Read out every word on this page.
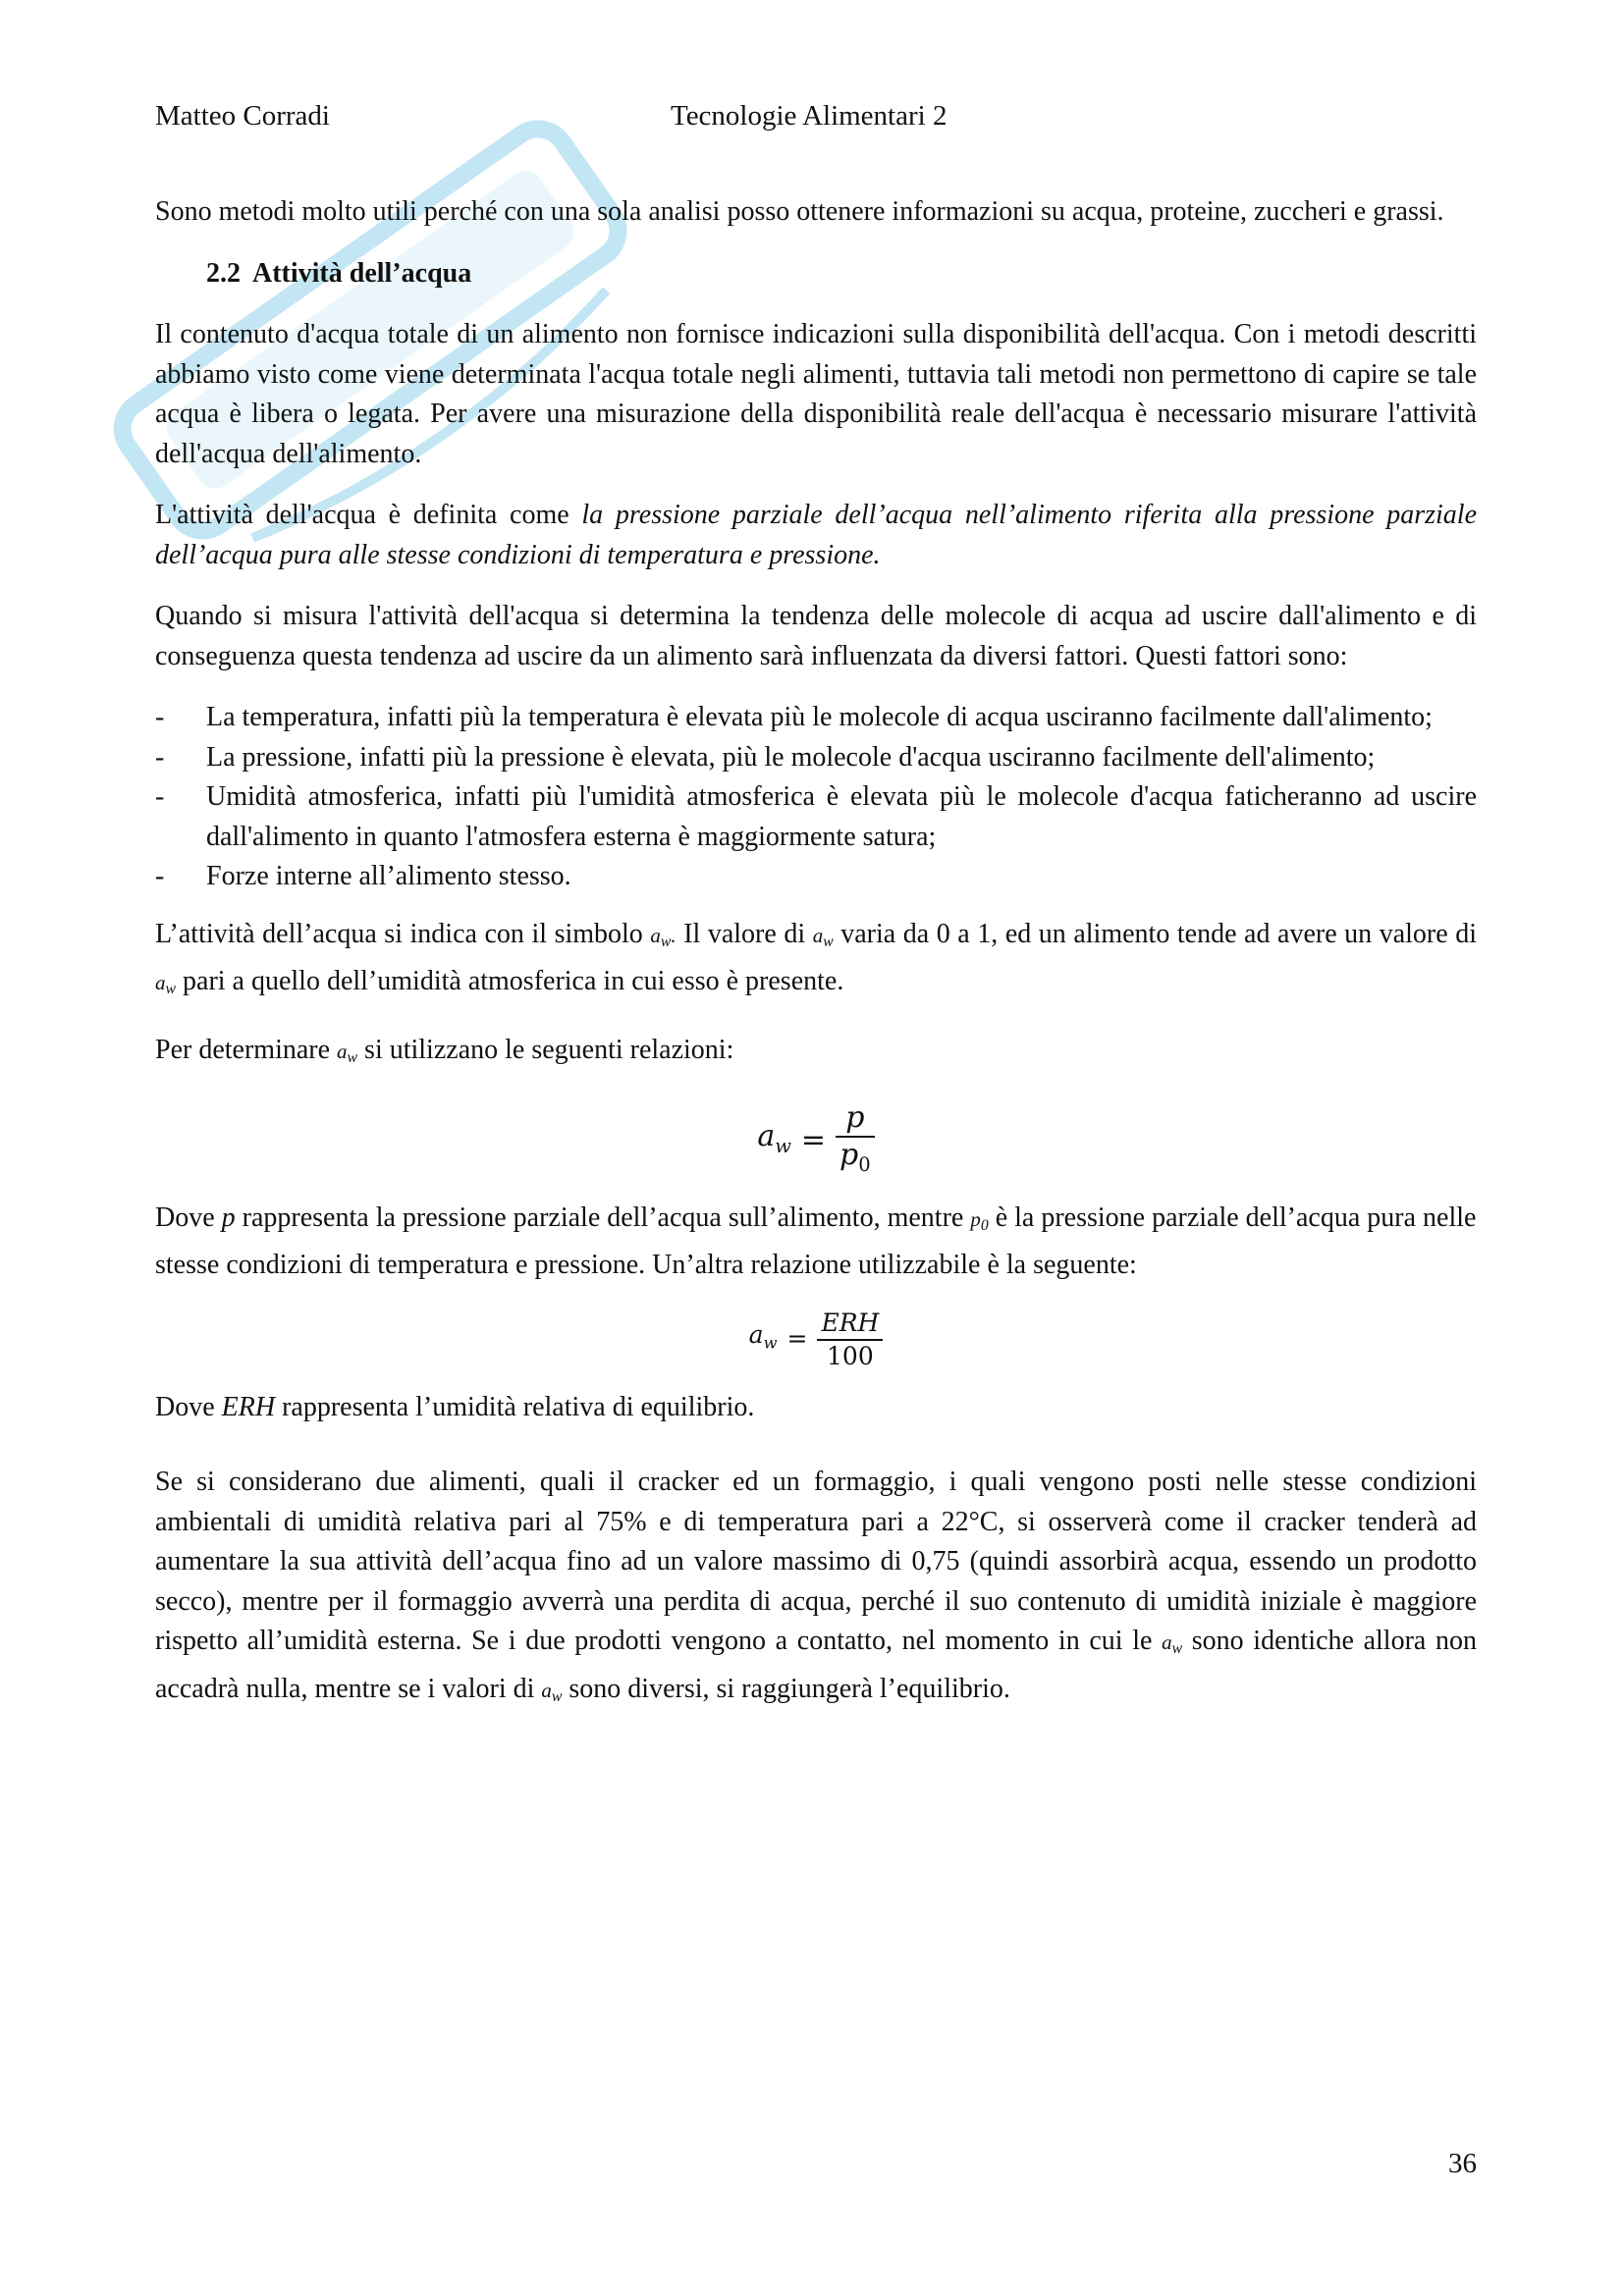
Matteo Corradi	Tecnologie Alimentari 2

Sono metodi molto utili perché con una sola analisi posso ottenere informazioni su acqua, proteine, zuccheri e grassi.

2.2 Attività dell’acqua

Il contenuto d'acqua totale di un alimento non fornisce indicazioni sulla disponibilità dell'acqua. Con i metodi descritti abbiamo visto come viene determinata l'acqua totale negli alimenti, tuttavia tali metodi non permettono di capire se tale acqua è libera o legata. Per avere una misurazione della disponibilità reale dell'acqua è necessario misurare l'attività dell'acqua dell'alimento.

L'attività dell'acqua è definita come la pressione parziale dell’acqua nell’alimento riferita alla pressione parziale dell’acqua pura alle stesse condizioni di temperatura e pressione.

Quando si misura l'attività dell'acqua si determina la tendenza delle molecole di acqua ad uscire dall'alimento e di conseguenza questa tendenza ad uscire da un alimento sarà influenzata da diversi fattori. Questi fattori sono:

- La temperatura, infatti più la temperatura è elevata più le molecole di acqua usciranno facilmente dall'alimento;
- La pressione, infatti più la pressione è elevata, più le molecole d'acqua usciranno facilmente dell'alimento;
- Umidità atmosferica, infatti più l'umidità atmosferica è elevata più le molecole d'acqua faticheranno ad uscire dall'alimento in quanto l'atmosfera esterna è maggiormente satura;
- Forze interne all’alimento stesso.

L’attività dell’acqua si indica con il simbolo $a_w$. Il valore di $a_w$ varia da 0 a 1, ed un alimento tende ad avere un valore di $a_w$ pari a quello dell’umidità atmosferica in cui esso è presente.

Per determinare $a_w$ si utilizzano le seguenti relazioni:

$a_w = \frac{p}{p_0}$

Dove p rappresenta la pressione parziale dell’acqua sull’alimento, mentre $p_0$ è la pressione parziale dell’acqua pura nelle stesse condizioni di temperatura e pressione. Un’altra relazione utilizzabile è la seguente:

$a_w = \frac{\text{ERH}}{100}$

Dove ERH rappresenta l’umidità relativa di equilibrio.

Se si considerano due alimenti, quali il cracker ed un formaggio, i quali vengono posti nelle stesse condizioni ambientali di umidità relativa pari al 75% e di temperatura pari a 22°C, si osserverà come il cracker tenderà ad aumentare la sua attività dell’acqua fino ad un valore massimo di 0,75 (quindi assorbirà acqua, essendo un prodotto secco), mentre per il formaggio avverrà una perdita di acqua, perché il suo contenuto di umidità iniziale è maggiore rispetto all’umidità esterna. Se i due prodotti vengono a contatto, nel momento in cui le $a_w$ sono identiche allora non accadrà nulla, mentre se i valori di $a_w$ sono diversi, si raggiungerà l’equilibrio.

36
